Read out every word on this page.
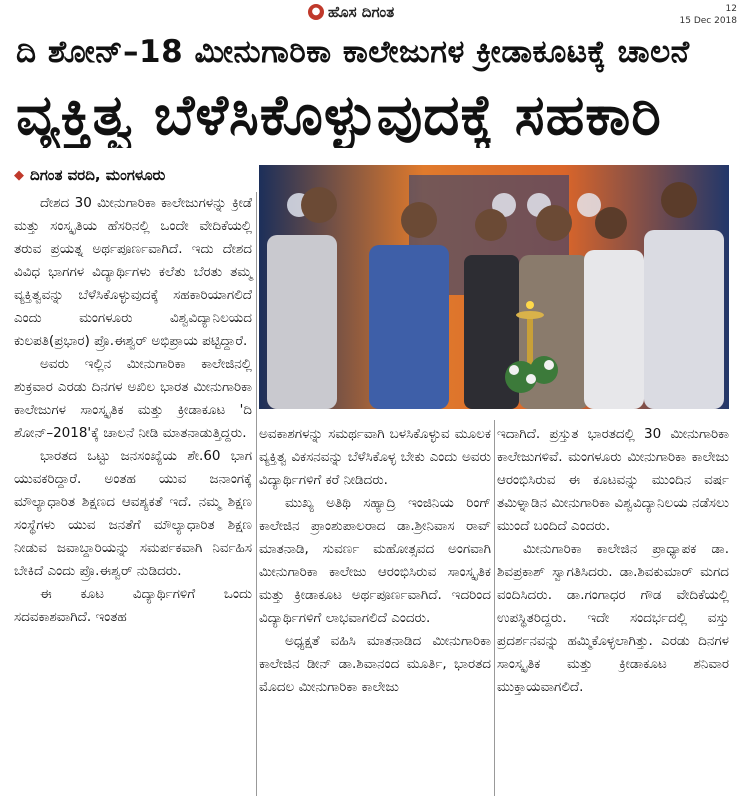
● ಹೊಸ ದಿಗಂತ	12
15 Dec 2018
ದಿ ಶೋನ್–18 ಮೀನುಗಾರಿಕಾ ಕಾಲೇಜುಗಳ ಕ್ರೀಡಾಕೂಟಕ್ಕೆ ಚಾಲನೆ
ವ್ಯಕ್ತಿತ್ವ ಬೆಳೆಸಿಕೊಳ್ಳುವುದಕ್ಕೆ ಸಹಕಾರಿ
◆ ದಿಗಂತ ವರದಿ, ಮಂಗಳೂರು

ದೇಶದ 30 ಮೀನುಗಾರಿಕಾ ಕಾಲೇಜುಗಳನ್ನು ಕ್ರೀಡೆ ಮತ್ತು ಸಂಸ್ಕೃತಿಯ ಹೆಸರಿನಲ್ಲಿ ಒಂದೇ ವೇದಿಕೆಯಲ್ಲಿ ತರುವ ಪ್ರಯತ್ನ ಅರ್ಥಪೂರ್ಣವಾಗಿದೆ. ಇದು ದೇಶದ ವಿವಿಧ ಭಾಗಗಳ ವಿದ್ಯಾರ್ಥಿಗಳು ಕಲೆತು ಬೆರತು ತಮ್ಮ ವ್ಯಕ್ತಿತ್ವವನ್ನು ಬೆಳೆಸಿಕೊಳ್ಳುವುದಕ್ಕೆ ಸಹಕಾರಿಯಾಗಲಿದೆ ಎಂದು ಮಂಗಳೂರು ವಿಶ್ವವಿದ್ಯಾನಿಲಯದ ಕುಲಪತಿ(ಪ್ರಭಾರ) ಪ್ರೊ.ಈಶ್ವರ್ ಅಭಿಪ್ರಾಯ ಪಟ್ಟಿದ್ದಾರೆ.

ಅವರು ಇಲ್ಲಿನ ಮೀನುಗಾರಿಕಾ ಕಾಲೇಜಿನಲ್ಲಿ ಶುಕ್ರವಾರ ಎರಡು ದಿನಗಳ ಅಖಿಲ ಭಾರತ ಮೀನುಗಾರಿಕಾ ಕಾಲೇಜುಗಳ ಸಾಂಸ್ಕೃತಿಕ ಮತ್ತು ಕ್ರೀಡಾಕೂಟ 'ದಿ ಶೋನ್–2018'ಕ್ಕೆ ಚಾಲನೆ ನೀಡಿ ಮಾತನಾಡುತ್ತಿದ್ದರು.

ಭಾರತದ ಒಟ್ಟು ಜನಸಂಖ್ಯೆಯ ಶೇ.60 ಭಾಗ ಯುವಕರಿದ್ದಾರೆ. ಅಂತಹ ಯುವ ಜನಾಂಗಕ್ಕೆ ಮೌಲ್ಯಾಧಾರಿತ ಶಿಕ್ಷಣದ ಆವಶ್ಯಕತೆ ಇದೆ. ನಮ್ಮ ಶಿಕ್ಷಣ ಸಂಸ್ಥೆಗಳು ಯುವ ಜನತೆಗೆ ಮೌಲ್ಯಾಧಾರಿತ ಶಿಕ್ಷಣ ನೀಡುವ ಜವಾಬ್ದಾರಿಯನ್ನು ಸಮರ್ಪಕವಾಗಿ ನಿರ್ವಹಿಸ ಬೇಕಿದೆ ಎಂದು ಪ್ರೊ.ಈಶ್ವರ್ ನುಡಿದರು.

ಈ ಕೂಟ ವಿದ್ಯಾರ್ಥಿಗಳಿಗೆ ಒಂದು ಸದವಕಾಶವಾಗಿದೆ. ಇಂತಹ

ಅವಕಾಶಗಳನ್ನು ಸಮರ್ಥವಾಗಿ ಬಳಸಿಕೊಳ್ಳುವ ಮೂಲಕ ವ್ಯಕ್ತಿತ್ವ ವಿಕಸನವನ್ನು ಬೆಳೆಸಿಕೊಳ್ಳ ಬೇಕು ಎಂದು ಅವರು ವಿದ್ಯಾರ್ಥಿಗಳಿಗೆ ಕರೆ ನೀಡಿದರು.

ಮುಖ್ಯ ಅತಿಥಿ ಸಹ್ಯಾದ್ರಿ ಇಂಜಿನಿಯ ರಿಂಗ್ ಕಾಲೇಜಿನ ಪ್ರಾಂಶುಪಾಲರಾದ ಡಾ.ಶ್ರೀನಿವಾಸ ರಾವ್ ಮಾತನಾಡಿ, ಸುವರ್ಣ ಮಹೋತ್ಸವದ ಅಂಗವಾಗಿ ಮೀನುಗಾರಿಕಾ ಕಾಲೇಜು ಆರಂಭಿಸಿರುವ ಸಾಂಸ್ಕೃತಿಕ ಮತ್ತು ಕ್ರೀಡಾಕೂಟ ಅರ್ಥಪೂರ್ಣವಾಗಿದೆ. ಇದರಿಂದ ವಿದ್ಯಾರ್ಥಿಗಳಿಗೆ ಲಾಭವಾಗಲಿದೆ ಎಂದರು.

ಅಧ್ಯಕ್ಷತೆ ವಹಿಸಿ ಮಾತನಾಡಿದ ಮೀನುಗಾರಿಕಾ ಕಾಲೇಜಿನ ಡೀನ್ ಡಾ.ಶಿವಾನಂದ ಮೂರ್ತಿ, ಭಾರತದ ಮೊದಲ ಮೀನುಗಾರಿಕಾ ಕಾಲೇಜು

ಇದಾಗಿದೆ. ಪ್ರಸ್ತುತ ಭಾರತದಲ್ಲಿ 30 ಮೀನುಗಾರಿಕಾ ಕಾಲೇಜುಗಳಿವೆ. ಮಂಗಳೂರು ಮೀನುಗಾರಿಕಾ ಕಾಲೇಜು ಆರಂಭಿಸಿರುವ ಈ ಕೂಟವನ್ನು ಮುಂದಿನ ವರ್ಷ ತಮಿಳ್ನಾಡಿನ ಮೀನುಗಾರಿಕಾ ವಿಶ್ವವಿದ್ಯಾನಿಲಯ ನಡೆಸಲು ಮುಂದೆ ಬಂದಿದೆ ಎಂದರು.

ಮೀನುಗಾರಿಕಾ ಕಾಲೇಜಿನ ಪ್ರಾಧ್ಯಾಪಕ ಡಾ. ಶಿವಪ್ರಕಾಶ್ ಸ್ವಾಗತಿಸಿದರು. ಡಾ.ಶಿವಕುಮಾರ್ ಮಗದ ವಂದಿಸಿದರು. ಡಾ.ಗಂಗಾಧರ ಗೌಡ ವೇದಿಕೆಯಲ್ಲಿ ಉಪಸ್ಥಿತರಿದ್ದರು. ಇದೇ ಸಂದರ್ಭದಲ್ಲಿ ವಸ್ತು ಪ್ರದರ್ಶನವನ್ನು ಹಮ್ಮಿಕೊಳ್ಳಲಾಗಿತ್ತು. ಎರಡು ದಿನಗಳ ಸಾಂಸ್ಕೃತಿಕ ಮತ್ತು ಕ್ರೀಡಾಕೂಟ ಶನಿವಾರ ಮುಕ್ತಾಯವಾಗಲಿದೆ.
